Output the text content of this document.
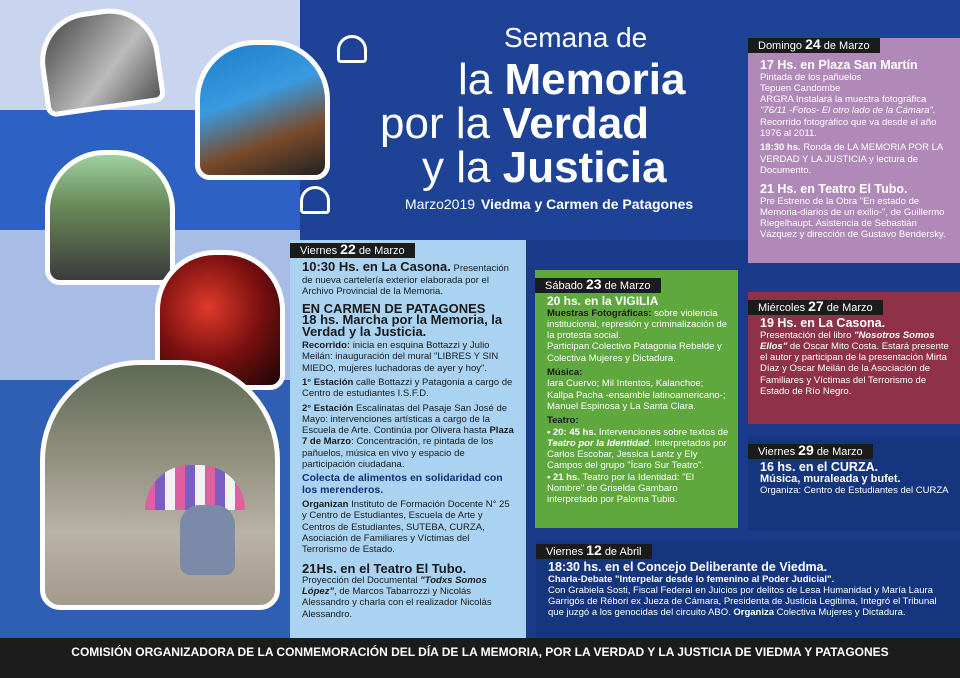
Semana de
la Memoria
por la Verdad
y la Justicia
Marzo2019 Viedma y Carmen de Patagones
Viernes 22 de Marzo
10:30 Hs. en La Casona. Presentación de nueva cartelería exterior elaborada por el Archivo Provincial de la Memoria.
EN CARMEN DE PATAGONES
18 hs. Marcha por la Memoria, la Verdad y la Justicia.
Recorrido: inicia en esquina Bottazzi y Julio Meilán: inauguración del mural "LIBRES Y SIN MIEDO, mujeres luchadoras de ayer y hoy".
1° Estación calle Bottazzi y Patagonia a cargo de Centro de estudiantes I.S.F.D.
2° Estación Escalinatas del Pasaje San José de Mayo: intervenciones artísticas a cargo de la Escuela de Arte. Continúa por Olivera hasta Plaza 7 de Marzo: Concentración, re pintada de los pañuelos, música en vivo y espacio de participación ciudadana.
Colecta de alimentos en solidaridad con los merenderos.
Organizan Instituto de Formación Docente N° 25 y Centro de Estudiantes, Escuela de Arte y Centros de Estudiantes, SUTEBA, CURZA, Asociación de Familiares y Víctimas del Terrorismo de Estado.
21Hs. en el Teatro El Tubo.
Proyección del Documental "Todxs Somos López", de Marcos Tabarrozzi y Nicolás Alessandro y charla con el realizador Nicolás Alessandro.
Sábado 23 de Marzo
20 hs. en la VIGILIA
Muestras Fotográficas: sobre violencia institucional, represión y criminalización de la protesta social.
Participan Colectivo Patagonia Rebelde y Colectiva Mujeres y Dictadura.
Música:
Iara Cuervo; Mil Intentos, Kalanchoe; Kallpa Pacha -ensamble latinoamericano-; Manuel Espinosa y La Santa Clara.
Teatro:
• 20: 45 hs. Intervenciones sobre textos de Teatro por la Identidad. Interpretados por Carlos Escobar, Jessica Lantz y Ely Campos del grupo "Ícaro Sur Teatro".
• 21 hs. Teatro por la Identidad: "El Nombre" de Griselda Gambaro interpretado por Paloma Tubio.
Domingo 24 de Marzo
17 Hs. en Plaza San Martín
Pintada de los pañuelos
Tepuen Candombe
ARGRA Instalará la muestra fotográfica "76/11 -Fotos- El otro lado de la Cámara". Recorrido fotográfico que va desde el año 1976 al 2011.
18:30 hs. Ronda de LA MEMORIA POR LA VERDAD Y LA JUSTICIA y lectura de Documento.
21 Hs. en Teatro El Tubo.
Pre Estreno de la Obra "En estado de Memoria-diarios de un exilio-", de Guillermo Riegelhaupt. Asistencia de Sebastián Vázquez y dirección de Gustavo Bendersky.
Miércoles 27 de Marzo
19 Hs. en La Casona.
Presentación del libro "Nosotros Somos Ellos" de Oscar Mito Costa. Estará presente el autor y participan de la presentación Mirta Díaz y Oscar Meilán de la Asociación de Familiares y Víctimas del Terrorismo de Estado de Río Negro.
Viernes 29 de Marzo
16 hs. en el CURZA.
Música, muraleada y bufet.
Organiza: Centro de Estudiantes del CURZA
Viernes 12 de Abril
18:30 hs. en el Concejo Deliberante de Viedma.
Charla-Debate "Interpelar desde lo femenino al Poder Judicial".
Con Grabiela Sosti, Fiscal Federal en Juicios por delitos de Lesa Humanidad y María Laura Garrigós de Rébori ex Jueza de Cámara, Presidenta de Justicia Legitima, Integró el Tribunal que juzgó a los genocidas del circuito ABO. Organiza Colectiva Mujeres y Dictadura.
COMISIÓN ORGANIZADORA DE LA CONMEMORACIÓN DEL DÍA DE LA MEMORIA, POR LA VERDAD Y LA JUSTICIA DE VIEDMA Y PATAGONES
